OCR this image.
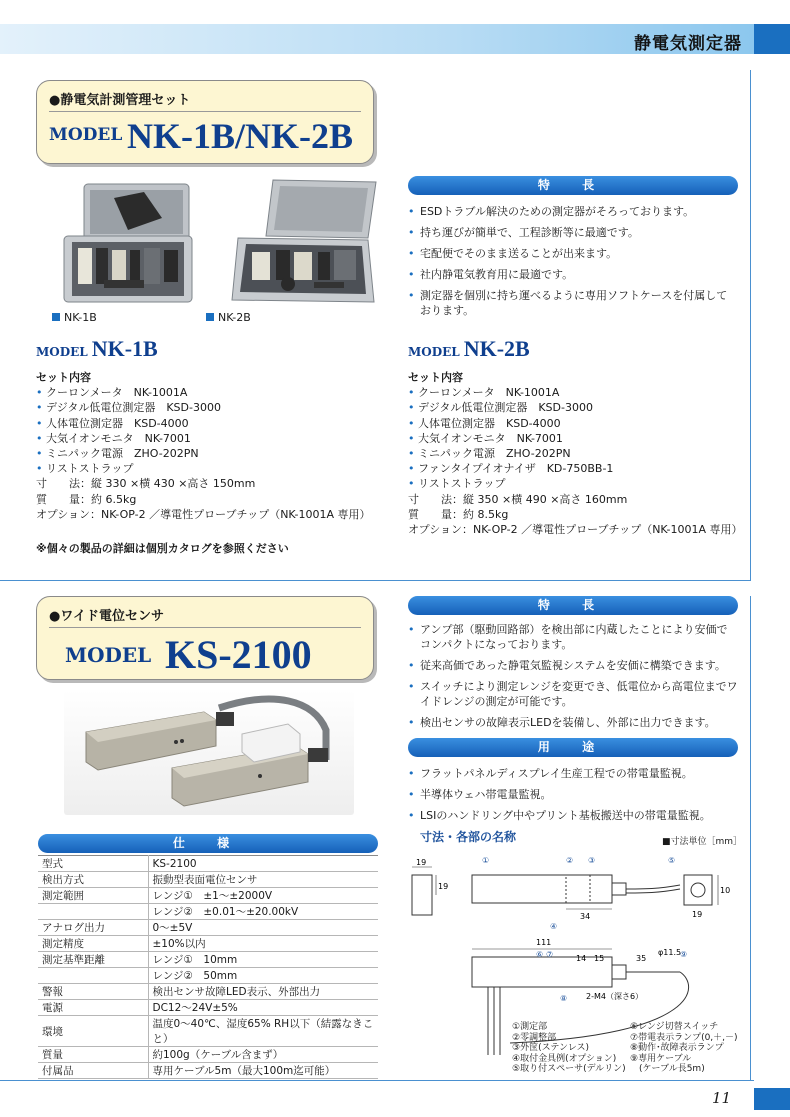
静電気測定器
●静電気計測管理セット
MODEL NK-1B/NK-2B
NK-1B	NK-2B
特 長
• ESDトラブル解決のための測定器がそろっております。
• 持ち運びが簡単で、工程診断等に最適です。
• 宅配便でそのまま送ることが出来ます。
• 社内静電気教育用に最適です。
• 測定器を個別に持ち運べるように専用ソフトケースを付属しております。
MODEL NK-1B
セット内容
• クーロンメータ　NK-1001A
• デジタル低電位測定器　KSD-3000
• 人体電位測定器　KSD-4000
• 大気イオンモニタ　NK-7001
• ミニパック電源　ZHO-202PN
• リストストラップ
寸　　法：縦 330 ×横 430 ×高さ 150mm
質　　量：約 6.5kg
オプション：NK-OP-2 ／導電性プローブチップ（NK-1001A 専用）
MODEL NK-2B
セット内容
• クーロンメータ　NK-1001A
• デジタル低電位測定器　KSD-3000
• 人体電位測定器　KSD-4000
• 大気イオンモニタ　NK-7001
• ミニパック電源　ZHO-202PN
• ファンタイプイオナイザ　KD-750BB-1
• リストストラップ
寸　　法：縦 350 ×横 490 ×高さ 160mm
質　　量：約 8.5kg
オプション：NK-OP-2 ／導電性プローブチップ（NK-1001A 専用）
※個々の製品の詳細は個別カタログを参照ください
●ワイド電位センサ
MODEL KS-2100
特 長
• アンプ部（駆動回路部）を検出部に内蔵したことにより安価でコンパクトになっております。
• 従来高価であった静電気監視システムを安価に構築できます。
• スイッチにより測定レンジを変更でき、低電位から高電位までワイドレンジの測定が可能です。
• 検出センサの故障表示LEDを装備し、外部に出力できます。
用 途
• フラットパネルディスプレイ生産工程での帯電量監視。
• 半導体ウェハ帯電量監視。
• LSIのハンドリング中やプリント基板搬送中の帯電量監視。
仕 様
型式	KS-2100
検出方式	振動型表面電位センサ
測定範囲	レンジ①　±1～±2000V
	レンジ②　±0.01～±20.00kV
アナログ出力	0～±5V
測定精度	±10%以内
測定基準距離	レンジ①　10mm
	レンジ②　50mm
警報	検出センサ故障LED表示、外部出力
電源	DC12～24V±5%
環境	温度0～40℃、湿度65% RH以下（結露なきこと）
質量	約100g（ケーブル含まず）
付属品	専用ケーブル5m（最大100m迄可能）
寸法・各部の名称	■寸法単位［mm］
19
19
34
10
19
111
14 15	35
φ11.5
2-M4（深さ6）
①	② ③
④
⑤
⑥ ⑦
⑧
⑨
①測定部
②零調整部
③外筐(ステンレス)
④取付金具例(オプション)
⑤取り付スペーサ(デルリン)
⑥レンジ切替スイッチ
⑦帯電表示ランプ(0,＋,－)
⑧動作･故障表示ランプ
⑨専用ケーブル
　(ケーブル長5m)
11
